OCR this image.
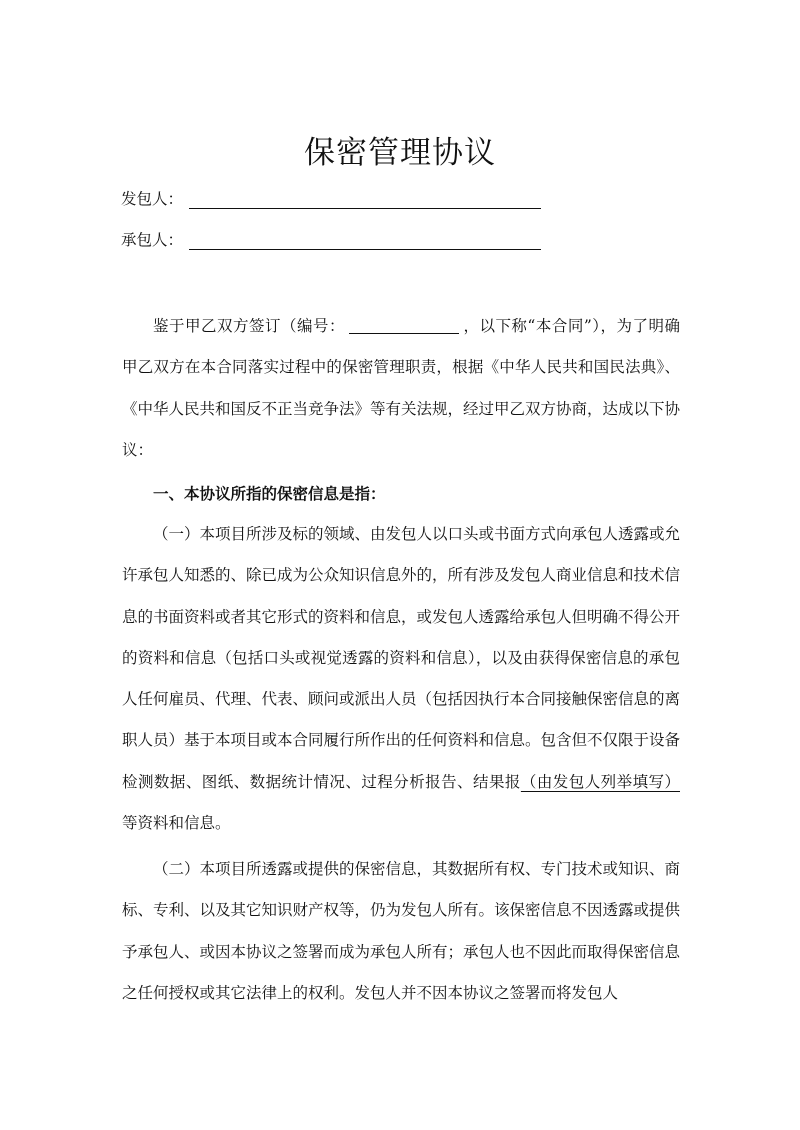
保密管理协议
发包人：
承包人：

鉴于甲乙双方签订（编号：	，以下称“本合同”），为了明确甲乙双方在本合同落实过程中的保密管理职责，根据《中华人民共和国民法典》、《中华人民共和国反不正当竞争法》等有关法规，经过甲乙双方协商，达成以下协议：

一、本协议所指的保密信息是指：

（一）本项目所涉及标的领域、由发包人以口头或书面方式向承包人透露或允许承包人知悉的、除已成为公众知识信息外的，所有涉及发包人商业信息和技术信息的书面资料或者其它形式的资料和信息，或发包人透露给承包人但明确不得公开的资料和信息（包括口头或视觉透露的资料和信息），以及由获得保密信息的承包人任何雇员、代理、代表、顾问或派出人员（包括因执行本合同接触保密信息的离职人员）基于本项目或本合同履行所作出的任何资料和信息。包含但不仅限于设备检测数据、图纸、数据统计情况、过程分析报告、结果报（由发包人列举填写）等资料和信息。

（二）本项目所透露或提供的保密信息，其数据所有权、专门技术或知识、商标、专利、以及其它知识财产权等，仍为发包人所有。该保密信息不因透露或提供予承包人、或因本协议之签署而成为承包人所有；承包人也不因此而取得保密信息之任何授权或其它法律上的权利。发包人并不因本协议之签署而将发包人
